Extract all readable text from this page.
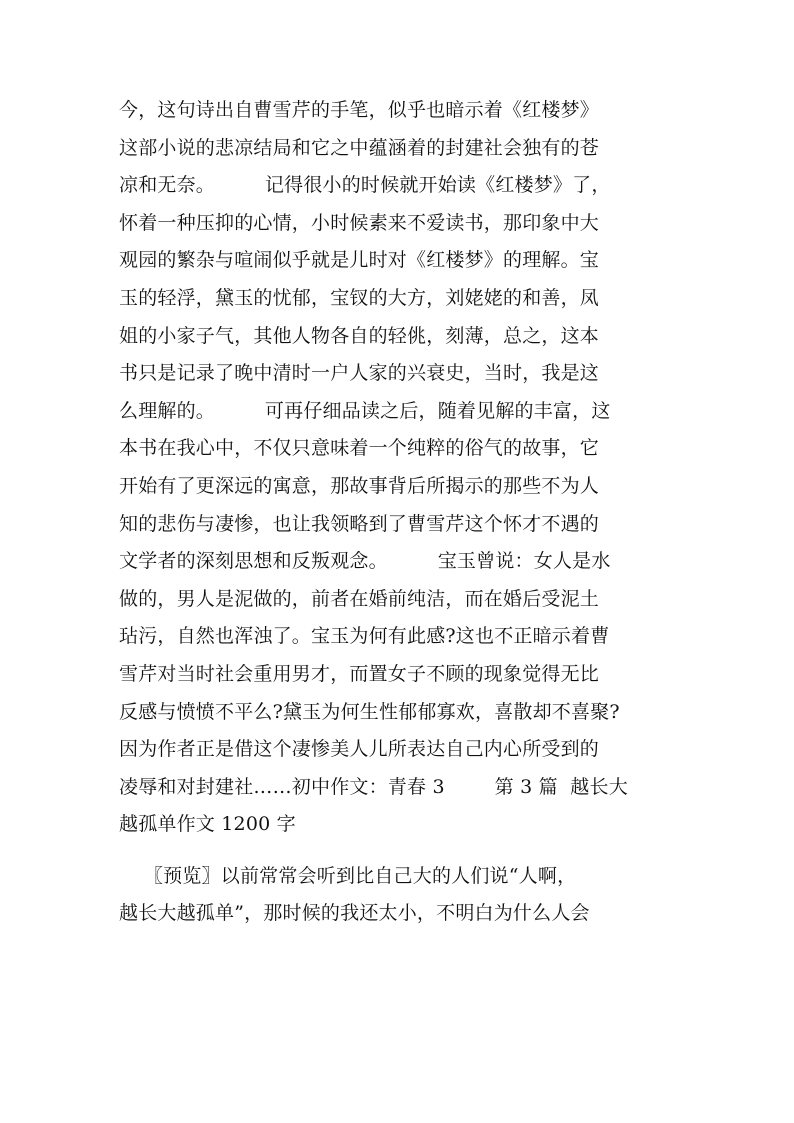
今，这句诗出自曹雪芹的手笔，似乎也暗示着《红楼梦》
这部小说的悲凉结局和它之中蕴涵着的封建社会独有的苍
凉和无奈。        记得很小的时候就开始读《红楼梦》了，
怀着一种压抑的心情，小时候素来不爱读书，那印象中大
观园的繁杂与喧闹似乎就是儿时对《红楼梦》的理解。宝
玉的轻浮，黛玉的忧郁，宝钗的大方，刘姥姥的和善，凤
姐的小家子气，其他人物各自的轻佻，刻薄，总之，这本
书只是记录了晚中清时一户人家的兴衰史，当时，我是这
么理解的。        可再仔细品读之后，随着见解的丰富，这
本书在我心中，不仅只意味着一个纯粹的俗气的故事，它
开始有了更深远的寓意，那故事背后所揭示的那些不为人
知的悲伤与凄惨，也让我领略到了曹雪芹这个怀才不遇的
文学者的深刻思想和反叛观念。        宝玉曾说：女人是水
做的，男人是泥做的，前者在婚前纯洁，而在婚后受泥土
玷污，自然也浑浊了。宝玉为何有此感?这也不正暗示着曹
雪芹对当时社会重用男才，而置女子不顾的现象觉得无比
反感与愤愤不平么?黛玉为何生性郁郁寡欢，喜散却不喜聚?
因为作者正是借这个凄惨美人儿所表达自己内心所受到的
凌辱和对封建社……初中作文：青春 3        第 3 篇  越长大
越孤单作文 1200 字
〖预览〗以前常常会听到比自己大的人们说“人啊，
越长大越孤单”，那时候的我还太小，不明白为什么人会
